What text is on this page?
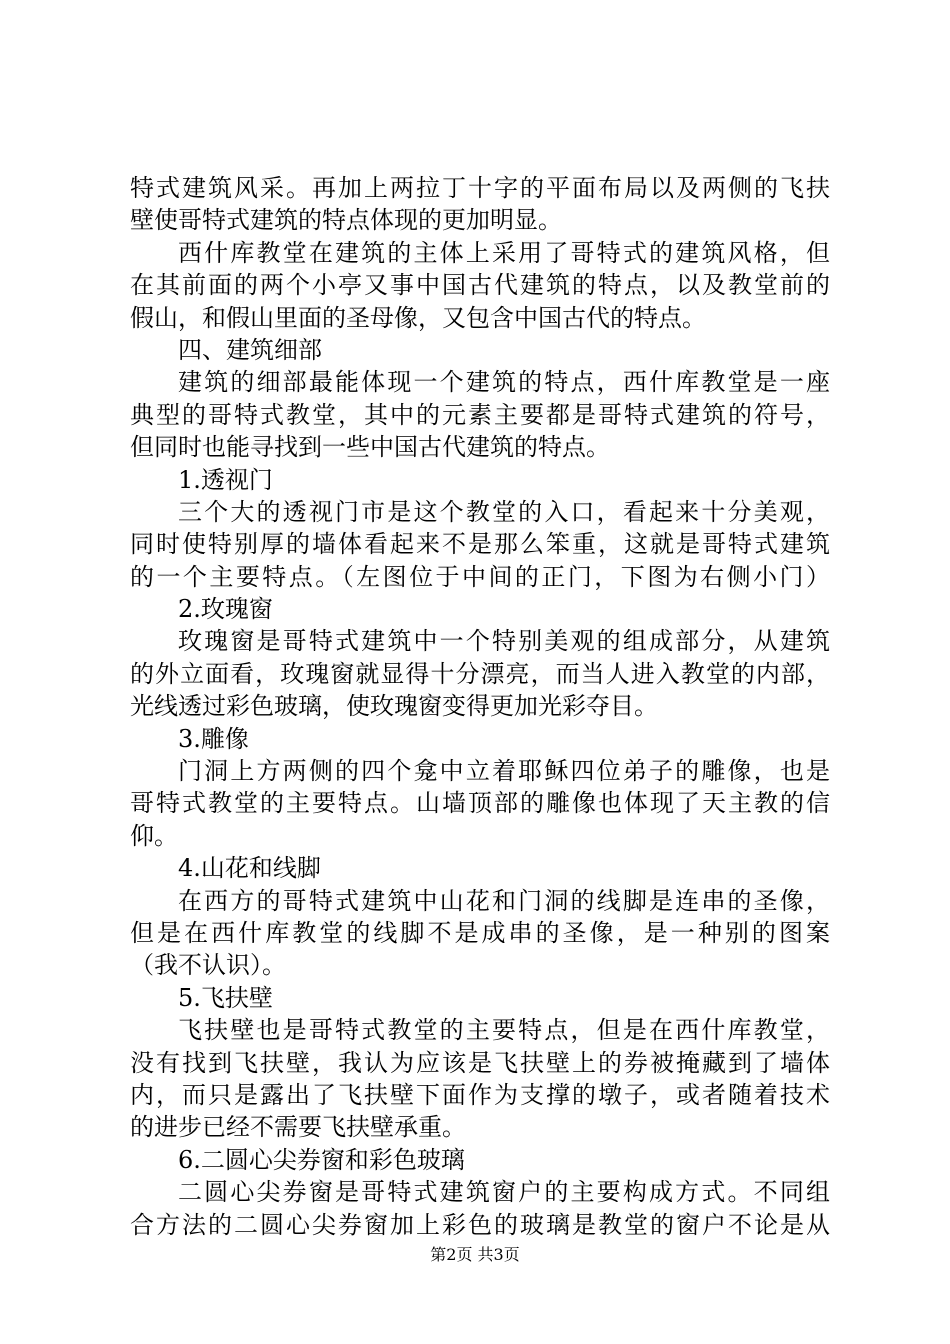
特式建筑风采。再加上两拉丁十字的平面布局以及两侧的飞扶
壁使哥特式建筑的特点体现的更加明显。
西什库教堂在建筑的主体上采用了哥特式的建筑风格，但
在其前面的两个小亭又事中国古代建筑的特点，以及教堂前的
假山，和假山里面的圣母像，又包含中国古代的特点。
四、建筑细部
建筑的细部最能体现一个建筑的特点，西什库教堂是一座
典型的哥特式教堂，其中的元素主要都是哥特式建筑的符号，
但同时也能寻找到一些中国古代建筑的特点。
1.透视门
三个大的透视门市是这个教堂的入口，看起来十分美观，
同时使特别厚的墙体看起来不是那么笨重，这就是哥特式建筑
的一个主要特点。（左图位于中间的正门，下图为右侧小门）
2.玫瑰窗
玫瑰窗是哥特式建筑中一个特别美观的组成部分，从建筑
的外立面看，玫瑰窗就显得十分漂亮，而当人进入教堂的内部，
光线透过彩色玻璃，使玫瑰窗变得更加光彩夺目。
3.雕像
门洞上方两侧的四个龛中立着耶稣四位弟子的雕像，也是
哥特式教堂的主要特点。山墙顶部的雕像也体现了天主教的信
仰。
4.山花和线脚
在西方的哥特式建筑中山花和门洞的线脚是连串的圣像，
但是在西什库教堂的线脚不是成串的圣像，是一种别的图案
（我不认识）。
5.飞扶壁
飞扶壁也是哥特式教堂的主要特点，但是在西什库教堂，
没有找到飞扶壁，我认为应该是飞扶壁上的券被掩藏到了墙体
内，而只是露出了飞扶壁下面作为支撑的墩子，或者随着技术
的进步已经不需要飞扶壁承重。
6.二圆心尖券窗和彩色玻璃
二圆心尖券窗是哥特式建筑窗户的主要构成方式。不同组
合方法的二圆心尖券窗加上彩色的玻璃是教堂的窗户不论是从
第2页 共3页
